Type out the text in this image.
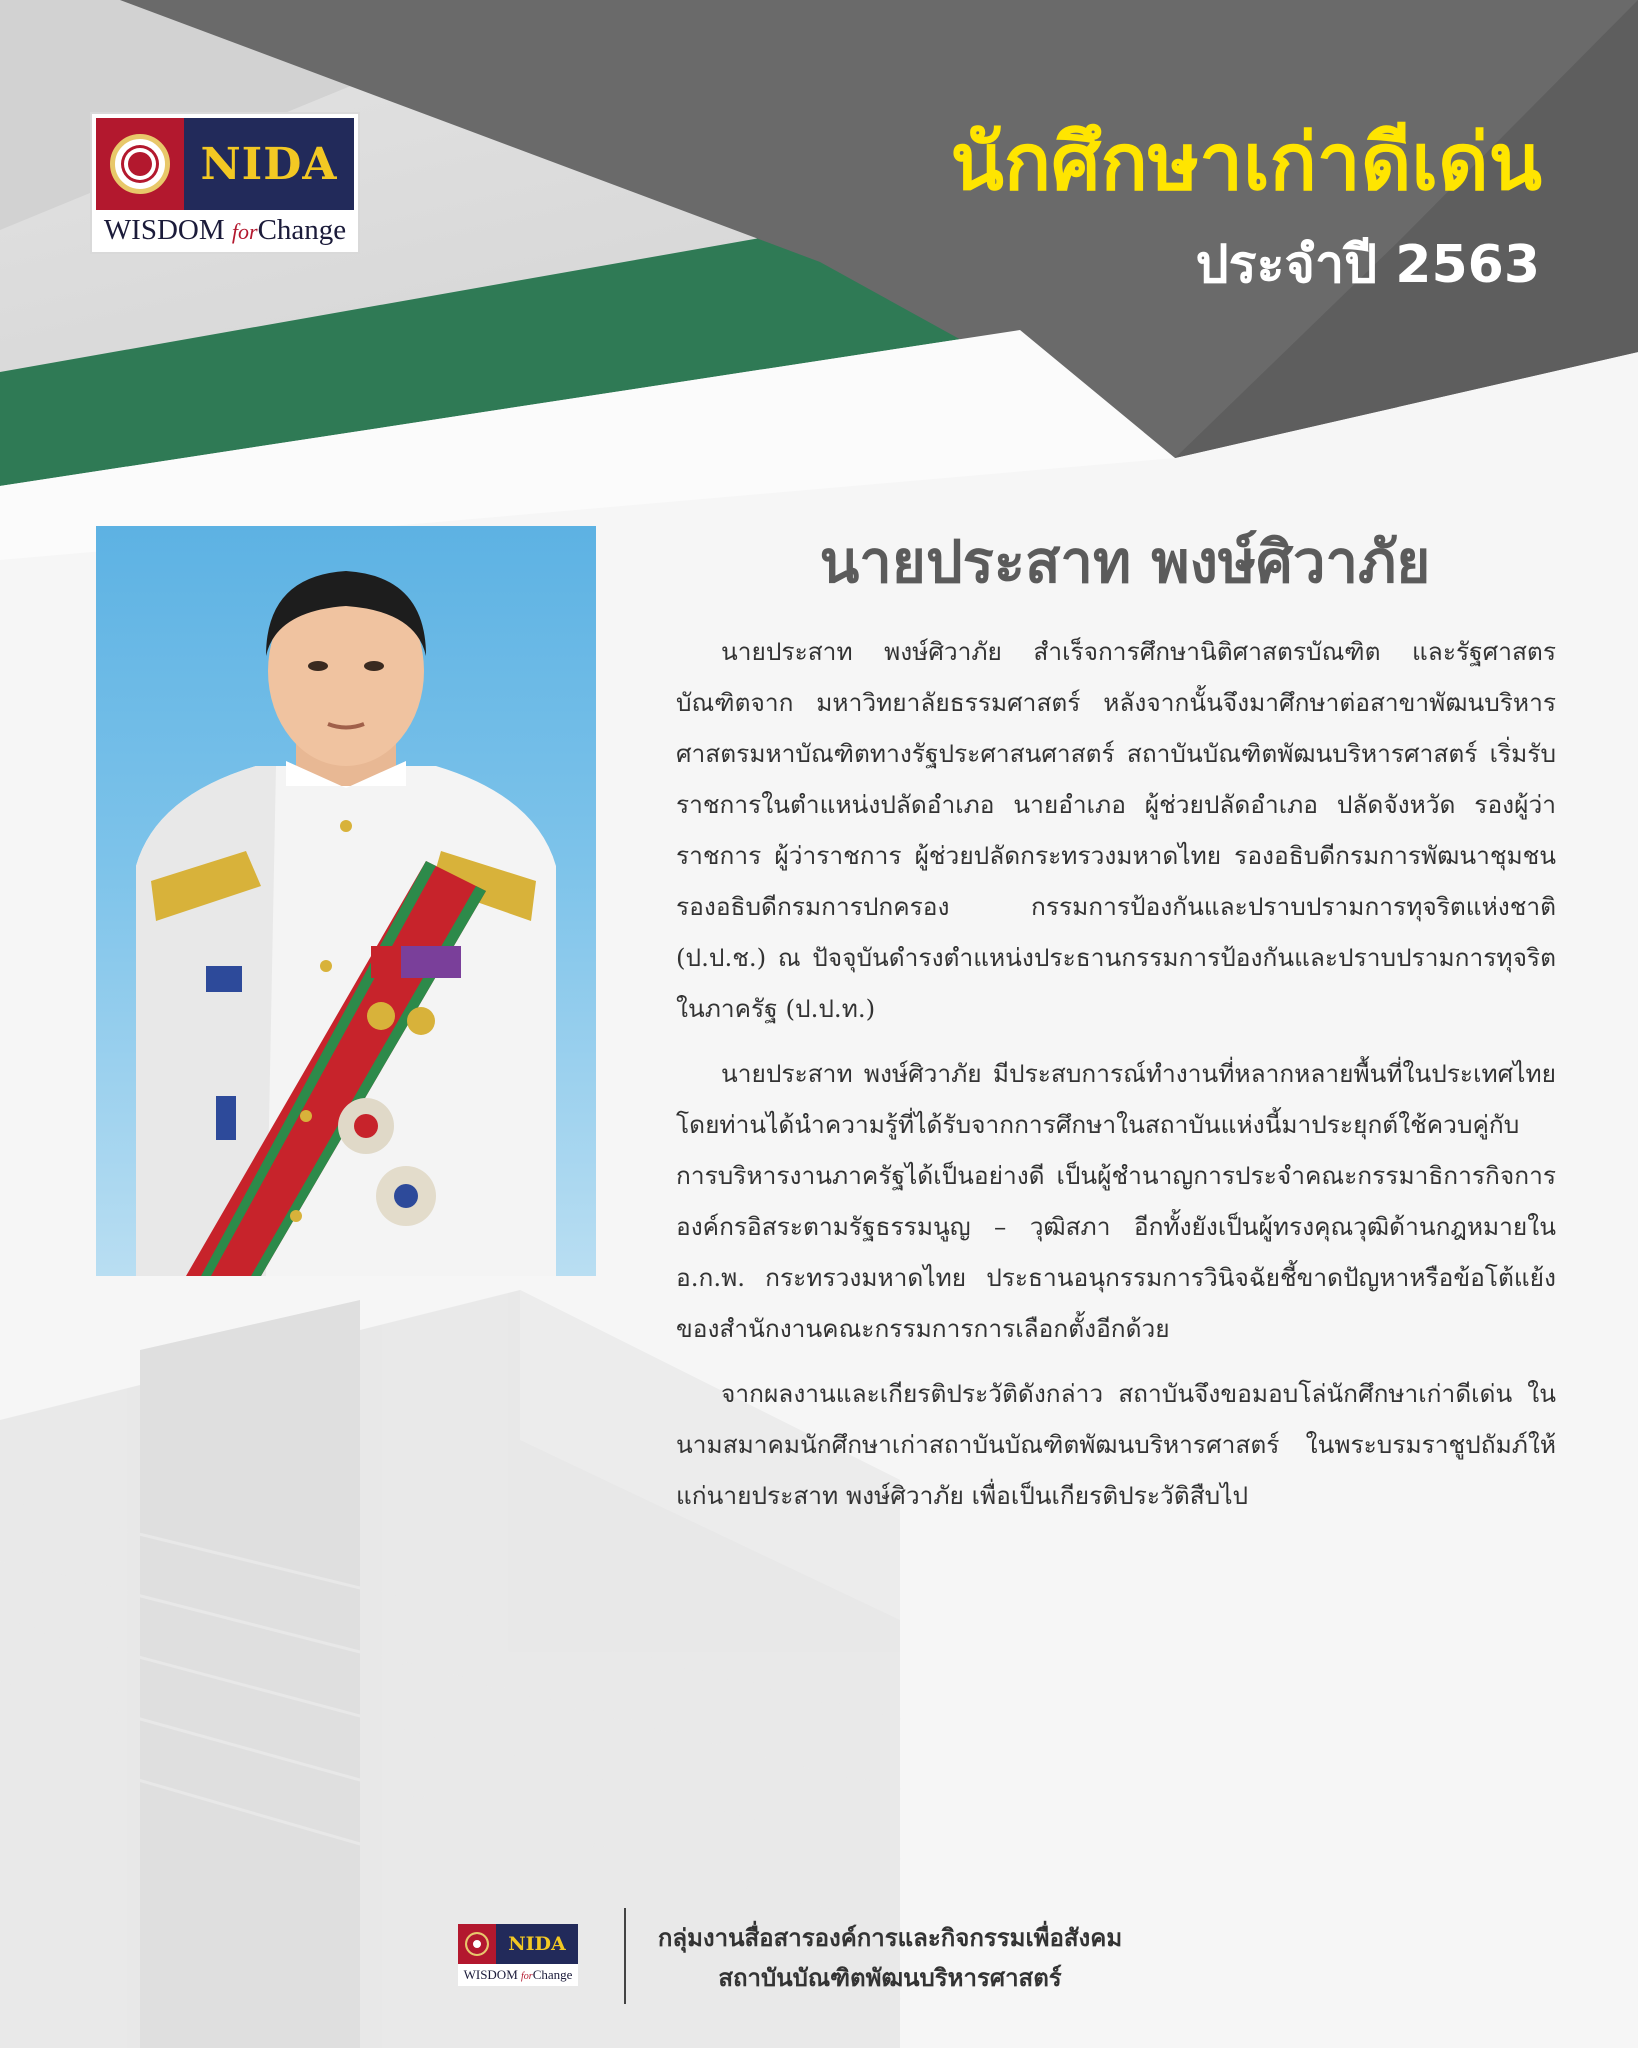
NIDA
WISDOM forChange
นักศึกษาเก่าดีเด่น
ประจำปี 2563
นายประสาท พงษ์ศิวาภัย

นายประสาท พงษ์ศิวาภัย สำเร็จการศึกษานิติศาสตรบัณฑิต และรัฐศาสตรบัณฑิตจาก มหาวิทยาลัยธรรมศาสตร์ หลังจากนั้นจึงมาศึกษาต่อสาขาพัฒนบริหารศาสตรมหาบัณฑิตทางรัฐประศาสนศาสตร์ สถาบันบัณฑิตพัฒนบริหารศาสตร์ เริ่มรับราชการในตำแหน่งปลัดอำเภอ นายอำเภอ ผู้ช่วยปลัดอำเภอ ปลัดจังหวัด รองผู้ว่าราชการ ผู้ว่าราชการ ผู้ช่วยปลัดกระทรวงมหาดไทย รองอธิบดีกรมการพัฒนาชุมชน รองอธิบดีกรมการปกครอง กรรมการป้องกันและปราบปรามการทุจริตแห่งชาติ (ป.ป.ช.) ณ ปัจจุบันดำรงตำแหน่งประธานกรรมการป้องกันและปราบปรามการทุจริตในภาครัฐ (ป.ป.ท.)

นายประสาท พงษ์ศิวาภัย มีประสบการณ์ทำงานที่หลากหลายพื้นที่ในประเทศไทย โดยท่านได้นำความรู้ที่ได้รับจากการศึกษาในสถาบันแห่งนี้มาประยุกต์ใช้ควบคู่กับการบริหารงานภาครัฐได้เป็นอย่างดี เป็นผู้ชำนาญการประจำคณะกรรมาธิการกิจการองค์กรอิสระตามรัฐธรรมนูญ – วุฒิสภา อีกทั้งยังเป็นผู้ทรงคุณวุฒิด้านกฎหมายใน อ.ก.พ. กระทรวงมหาดไทย ประธานอนุกรรมการวินิจฉัยชี้ขาดปัญหาหรือข้อโต้แย้ง ของสำนักงานคณะกรรมการการเลือกตั้งอีกด้วย

จากผลงานและเกียรติประวัติดังกล่าว สถาบันจึงขอมอบโล่นักศึกษาเก่าดีเด่น ในนามสมาคมนักศึกษาเก่าสถาบันบัณฑิตพัฒนบริหารศาสตร์ ในพระบรมราชูปถัมภ์ให้แก่นายประสาท พงษ์ศิวาภัย เพื่อเป็นเกียรติประวัติสืบไป

NIDA
WISDOM forChange
กลุ่มงานสื่อสารองค์การและกิจกรรมเพื่อสังคม
สถาบันบัณฑิตพัฒนบริหารศาสตร์
